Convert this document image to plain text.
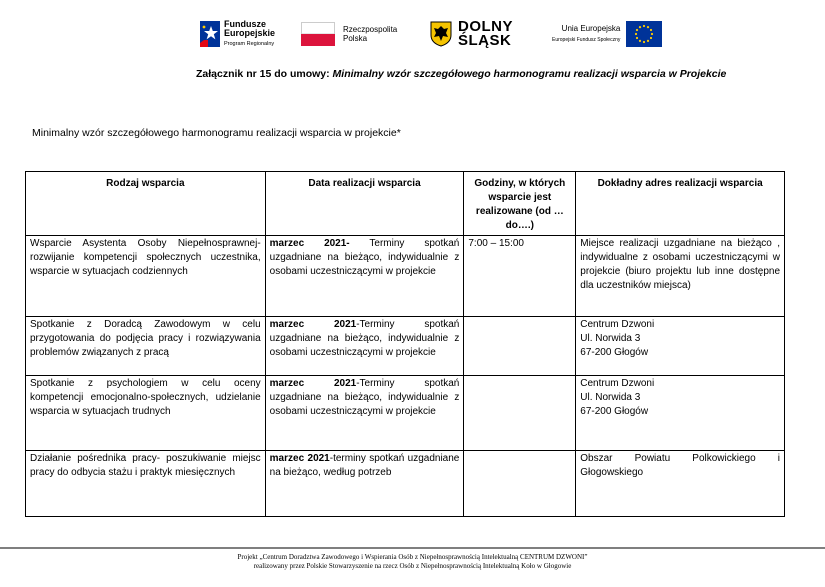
Fundusze
Europejskie
Program Regionalny
Rzeczpospolita
Polska
DOLNY
ŚLĄSK
Unia Europejska
Europejski Fundusz Społeczny
Załącznik nr 15 do umowy: Minimalny wzór szczegółowego harmonogramu realizacji wsparcia w Projekcie
Minimalny wzór szczegółowego harmonogramu realizacji wsparcia w projekcie*
Rodzaj wsparcia	Data realizacji wsparcia	Godziny, w których wsparcie jest realizowane (od … do….)	Dokładny adres realizacji wsparcia
Wsparcie Asystenta Osoby Niepełnosprawnej- rozwijanie kompetencji społecznych uczestnika, wsparcie w sytuacjach codziennych	marzec 2021- Terminy spotkań uzgadniane na bieżąco, indywidualnie z osobami uczestniczącymi w projekcie	7:00 – 15:00	Miejsce realizacji uzgadniane na bieżąco , indywidualne z osobami uczestniczącymi w projekcie (biuro projektu lub inne dostępne dla uczestników miejsca)
Spotkanie z Doradcą Zawodowym w celu przygotowania do podjęcia pracy i rozwiązywania problemów związanych z pracą	marzec 2021-Terminy spotkań uzgadniane na bieżąco, indywidualnie z osobami uczestniczącymi w projekcie		Centrum Dzwoni
Ul. Norwida 3
67-200 Głogów
Spotkanie z psychologiem w celu oceny kompetencji emocjonalno-społecznych, udzielanie wsparcia w sytuacjach trudnych	marzec 2021-Terminy spotkań uzgadniane na bieżąco, indywidualnie z osobami uczestniczącymi w projekcie		Centrum Dzwoni
Ul. Norwida 3
67-200 Głogów
Działanie pośrednika pracy- poszukiwanie miejsc pracy do odbycia stażu i praktyk miesięcznych	marzec 2021-terminy spotkań uzgadniane na bieżąco, według potrzeb		Obszar Powiatu Polkowickiego i Głogowskiego
Projekt „Centrum Doradztwa Zawodowego i Wspierania Osób z Niepełnosprawnością Intelektualną CENTRUM DZWONI”
realizowany przez Polskie Stowarzyszenie na rzecz Osób z Niepełnosprawnością Intelektualną Koło w Głogowie
